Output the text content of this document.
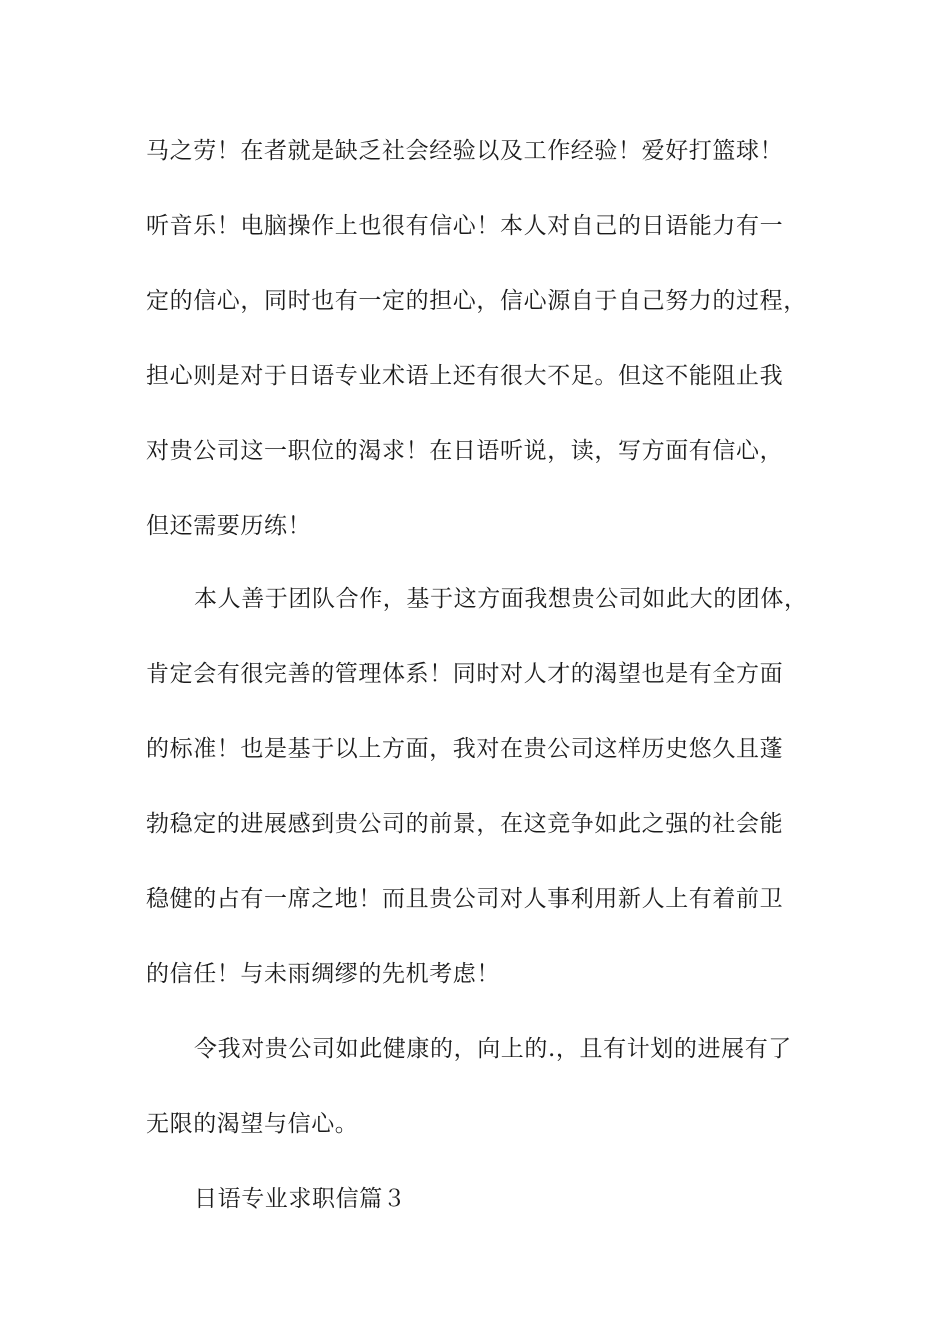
马之劳！在者就是缺乏社会经验以及工作经验！爱好打篮球！
听音乐！电脑操作上也很有信心！本人对自己的日语能力有一
定的信心，同时也有一定的担心，信心源自于自己努力的过程，
担心则是对于日语专业术语上还有很大不足。但这不能阻止我
对贵公司这一职位的渴求！在日语听说，读，写方面有信心，
但还需要历练！
本人善于团队合作，基于这方面我想贵公司如此大的团体，
肯定会有很完善的管理体系！同时对人才的渴望也是有全方面
的标准！也是基于以上方面，我对在贵公司这样历史悠久且蓬
勃稳定的进展感到贵公司的前景，在这竞争如此之强的社会能
稳健的占有一席之地！而且贵公司对人事利用新人上有着前卫
的信任！与未雨绸缪的先机考虑！
令我对贵公司如此健康的，向上的.，且有计划的进展有了
无限的渴望与信心。
日语专业求职信篇３
